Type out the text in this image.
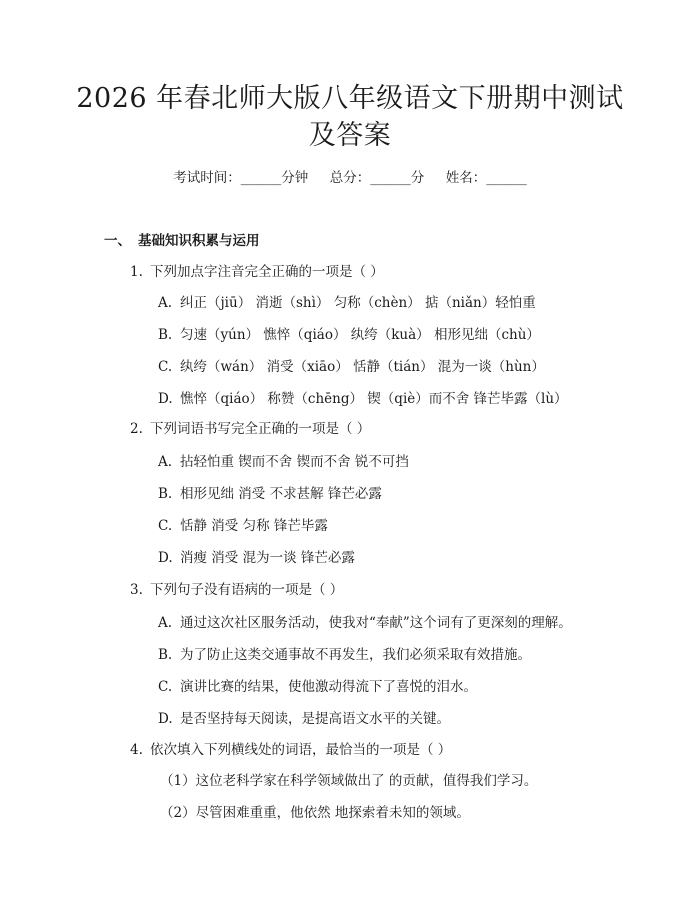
2026 年春北师大版八年级语文下册期中测试
及答案
考试时间：______分钟     总分：______分     姓名：______
一、 基础知识积累与运用
1. 下列加点字注音完全正确的一项是（ ）
A. 纠正（jiū） 消逝（shì） 匀称（chèn） 掂（niǎn）轻怕重
B. 匀速（yún） 憔悴（qiáo） 纨绔（kuà） 相形见绌（chù）
C. 纨绔（wán） 消受（xiāo） 恬静（tián） 混为一谈（hùn）
D. 憔悴（qiáo） 称赞（chēng） 锲（qiè）而不舍 锋芒毕露（lù）
2. 下列词语书写完全正确的一项是（ ）
A. 拈轻怕重 锲而不舍 锲而不舍 锐不可挡
B. 相形见绌 消受 不求甚解 锋芒必露
C. 恬静 消受 匀称 锋芒毕露
D. 消瘦 消受 混为一谈 锋芒必露
3. 下列句子没有语病的一项是（ ）
A. 通过这次社区服务活动，使我对“奉献”这个词有了更深刻的理解。
B. 为了防止这类交通事故不再发生，我们必须采取有效措施。
C. 演讲比赛的结果，使他激动得流下了喜悦的泪水。
D. 是否坚持每天阅读，是提高语文水平的关键。
4. 依次填入下列横线处的词语，最恰当的一项是（ ）
（1）这位老科学家在科学领域做出了 的贡献，值得我们学习。
（2）尽管困难重重，他依然 地探索着未知的领域。
